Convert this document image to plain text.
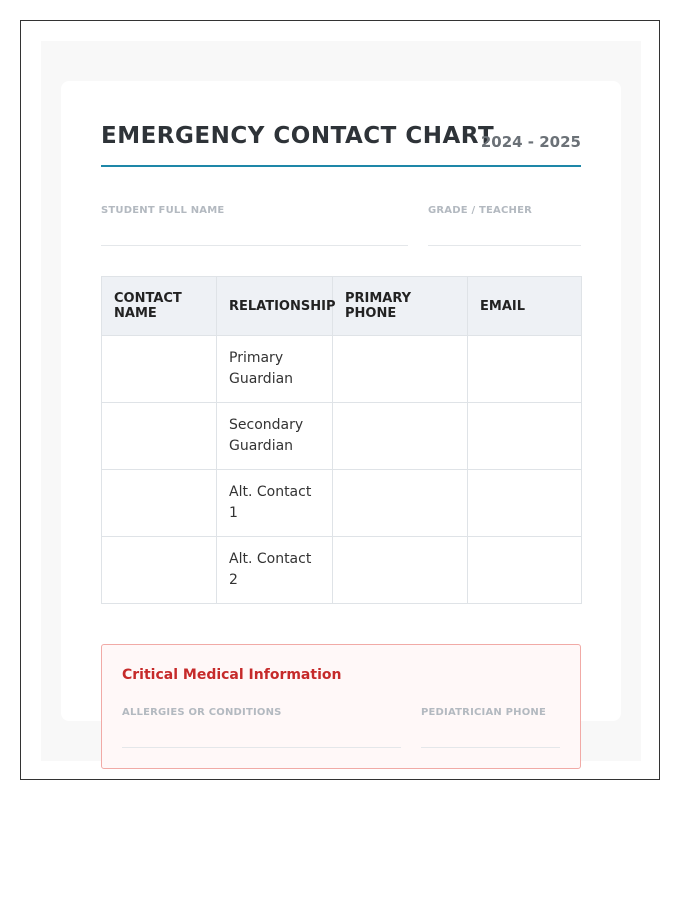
EMERGENCY CONTACT CHART
2024 - 2025
STUDENT FULL NAME	GRADE / TEACHER
CONTACT NAME	RELATIONSHIP	PRIMARY PHONE	EMAIL
	Primary Guardian		
	Secondary Guardian		
	Alt. Contact 1		
	Alt. Contact 2		
Critical Medical Information
ALLERGIES OR CONDITIONS	PEDIATRICIAN PHONE
